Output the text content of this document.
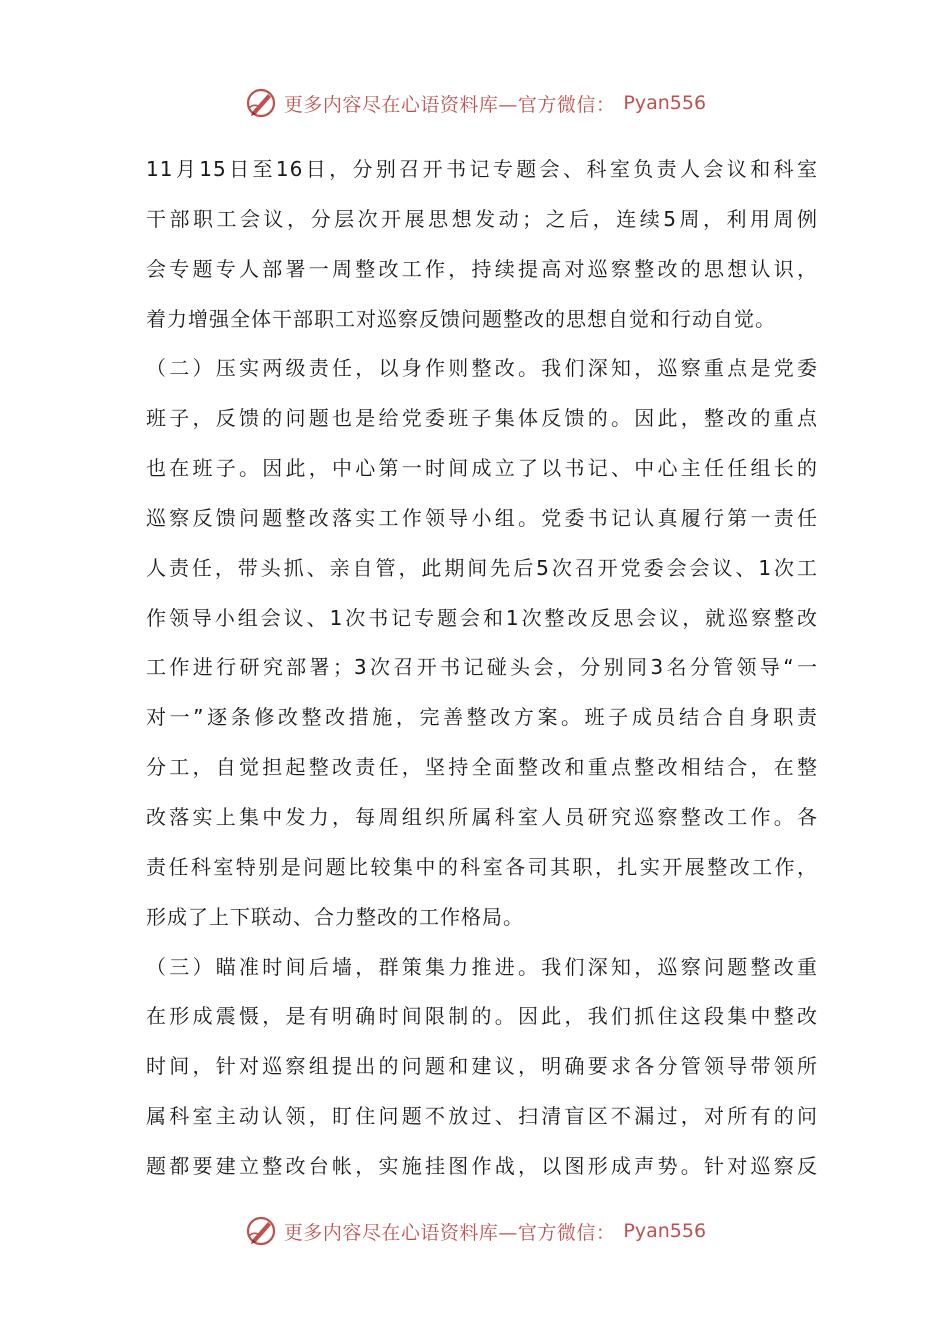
更多内容尽在心语资料库—官方微信： Pyan556
11月15日至16日，分别召开书记专题会、科室负责人会议和科室
干部职工会议，分层次开展思想发动；之后，连续5周，利用周例
会专题专人部署一周整改工作，持续提高对巡察整改的思想认识，
着力增强全体干部职工对巡察反馈问题整改的思想自觉和行动自觉。
（二）压实两级责任，以身作则整改。我们深知，巡察重点是党委
班子，反馈的问题也是给党委班子集体反馈的。因此，整改的重点
也在班子。因此，中心第一时间成立了以书记、中心主任任组长的
巡察反馈问题整改落实工作领导小组。党委书记认真履行第一责任
人责任，带头抓、亲自管，此期间先后5次召开党委会会议、1次工
作领导小组会议、1次书记专题会和1次整改反思会议，就巡察整改
工作进行研究部署；3次召开书记碰头会，分别同3名分管领导“一
对一”逐条修改整改措施，完善整改方案。班子成员结合自身职责
分工，自觉担起整改责任，坚持全面整改和重点整改相结合，在整
改落实上集中发力，每周组织所属科室人员研究巡察整改工作。各
责任科室特别是问题比较集中的科室各司其职，扎实开展整改工作，
形成了上下联动、合力整改的工作格局。
（三）瞄准时间后墙，群策集力推进。我们深知，巡察问题整改重
在形成震慑，是有明确时间限制的。因此，我们抓住这段集中整改
时间，针对巡察组提出的问题和建议，明确要求各分管领导带领所
属科室主动认领，盯住问题不放过、扫清盲区不漏过，对所有的问
题都要建立整改台帐，实施挂图作战，以图形成声势。针对巡察反
更多内容尽在心语资料库—官方微信： Pyan556
